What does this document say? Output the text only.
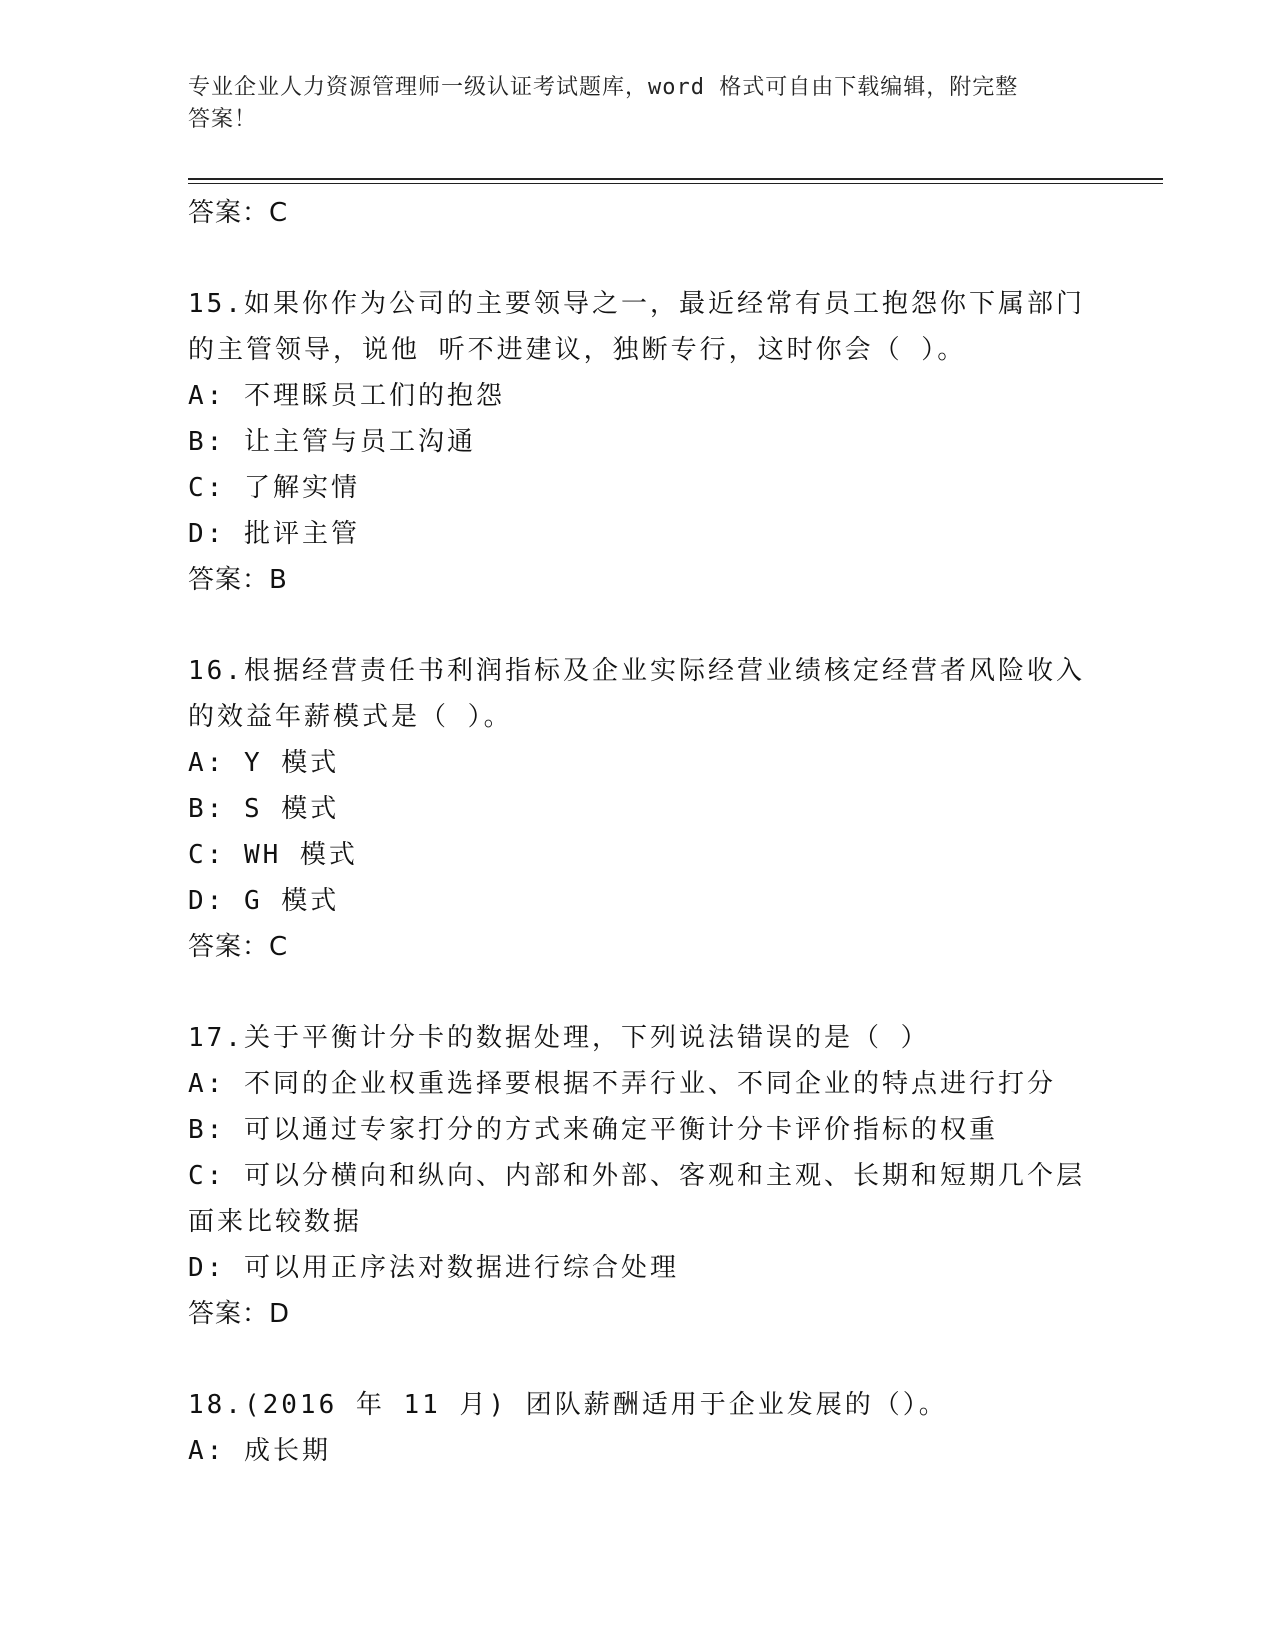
专业企业人力资源管理师一级认证考试题库，word 格式可自由下载编辑，附完整
答案！
答案：C
15.如果你作为公司的主要领导之一，最近经常有员工抱怨你下属部门
的主管领导，说他 听不进建议，独断专行，这时你会（ ）。
A: 不理睬员工们的抱怨
B: 让主管与员工沟通
C: 了解实情
D: 批评主管
答案：B
16.根据经营责任书利润指标及企业实际经营业绩核定经营者风险收入
的效益年薪模式是（ ）。
A: Y 模式
B: S 模式
C: WH 模式
D: G 模式
答案：C
17.关于平衡计分卡的数据处理，下列说法错误的是（ ）
A: 不同的企业权重选择要根据不弄行业、不同企业的特点进行打分
B: 可以通过专家打分的方式来确定平衡计分卡评价指标的权重
C: 可以分横向和纵向、内部和外部、客观和主观、长期和短期几个层
面来比较数据
D: 可以用正序法对数据进行综合处理
答案：D
18.(2016 年 11 月) 团队薪酬适用于企业发展的（）。
A: 成长期
